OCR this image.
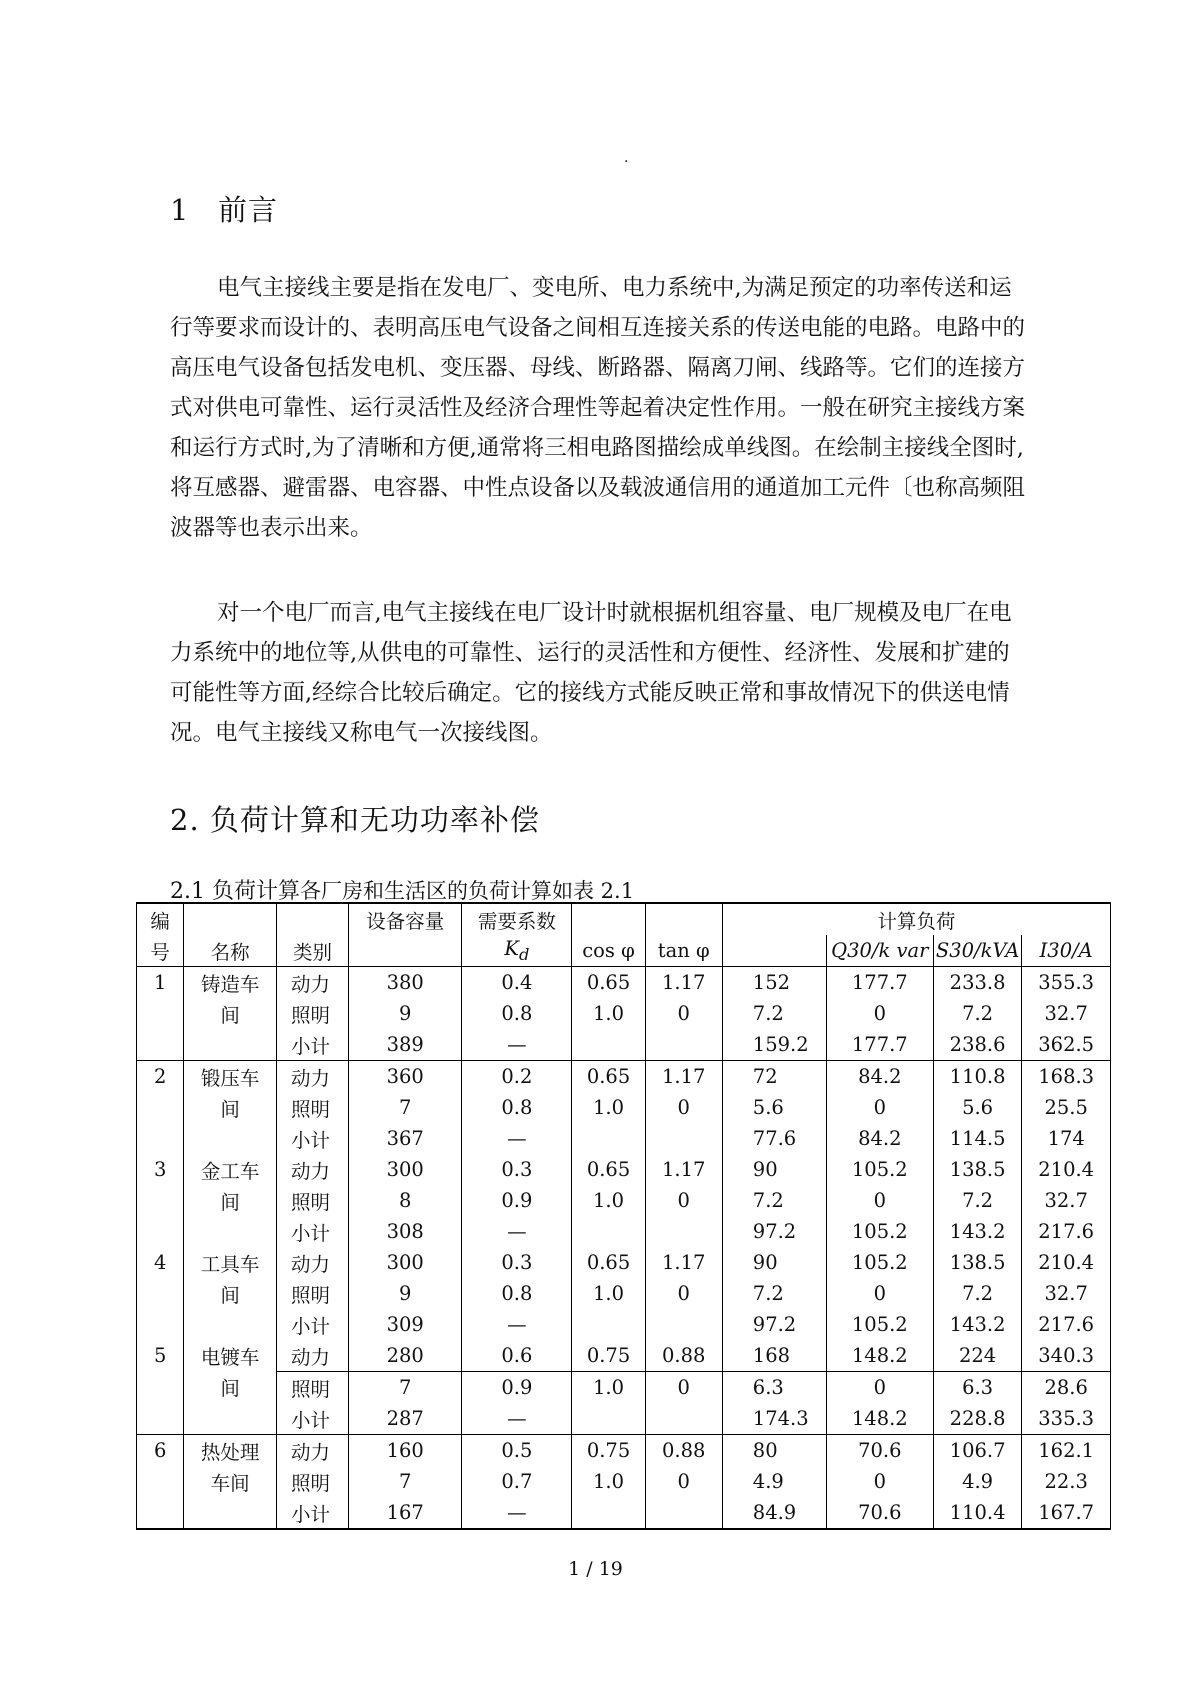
.
1 前言
电气主接线主要是指在发电厂、变电所、电力系统中,为满足预定的功率传送和运
行等要求而设计的、表明高压电气设备之间相互连接关系的传送电能的电路。电路中的
高压电气设备包括发电机、变压器、母线、断路器、隔离刀闸、线路等。它们的连接方
式对供电可靠性、运行灵活性及经济合理性等起着决定性作用。一般在研究主接线方案
和运行方式时,为了清晰和方便,通常将三相电路图描绘成单线图。在绘制主接线全图时,
将互感器、避雷器、电容器、中性点设备以及载波通信用的通道加工元件〔也称高频阻
波器等也表示出来。
对一个电厂而言,电气主接线在电厂设计时就根据机组容量、电厂规模及电厂在电
力系统中的地位等,从供电的可靠性、运行的灵活性和方便性、经济性、发展和扩建的
可能性等方面,经综合比较后确定。它的接线方式能反映正常和事故情况下的供送电情
况。电气主接线又称电气一次接线图。
2. 负荷计算和无功功率补偿
2.1 负荷计算各厂房和生活区的负荷计算如表 2.1
编			设备容量	需要系数			计算负荷			
号	名称	类别		$K_d$	cos φ	tan φ		Q30/k var	S30/kVA	I30/A
1	铸造车	动力	380	0.4	0.65	1.17	152	177.7	233.8	355.3
	间	照明	9	0.8	1.0	0	7.2	0	7.2	32.7
		小计	389	—			159.2	177.7	238.6	362.5
2	锻压车	动力	360	0.2	0.65	1.17	72	84.2	110.8	168.3
	间	照明	7	0.8	1.0	0	5.6	0	5.6	25.5
		小计	367	—			77.6	84.2	114.5	174
3	金工车	动力	300	0.3	0.65	1.17	90	105.2	138.5	210.4
	间	照明	8	0.9	1.0	0	7.2	0	7.2	32.7
		小计	308	—			97.2	105.2	143.2	217.6
4	工具车	动力	300	0.3	0.65	1.17	90	105.2	138.5	210.4
	间	照明	9	0.8	1.0	0	7.2	0	7.2	32.7
		小计	309	—			97.2	105.2	143.2	217.6
5	电镀车	动力	280	0.6	0.75	0.88	168	148.2	224	340.3
	间	照明	7	0.9	1.0	0	6.3	0	6.3	28.6
		小计	287	—			174.3	148.2	228.8	335.3
6	热处理	动力	160	0.5	0.75	0.88	80	70.6	106.7	162.1
	车间	照明	7	0.7	1.0	0	4.9	0	4.9	22.3
		小计	167	—			84.9	70.6	110.4	167.7
1 / 19
